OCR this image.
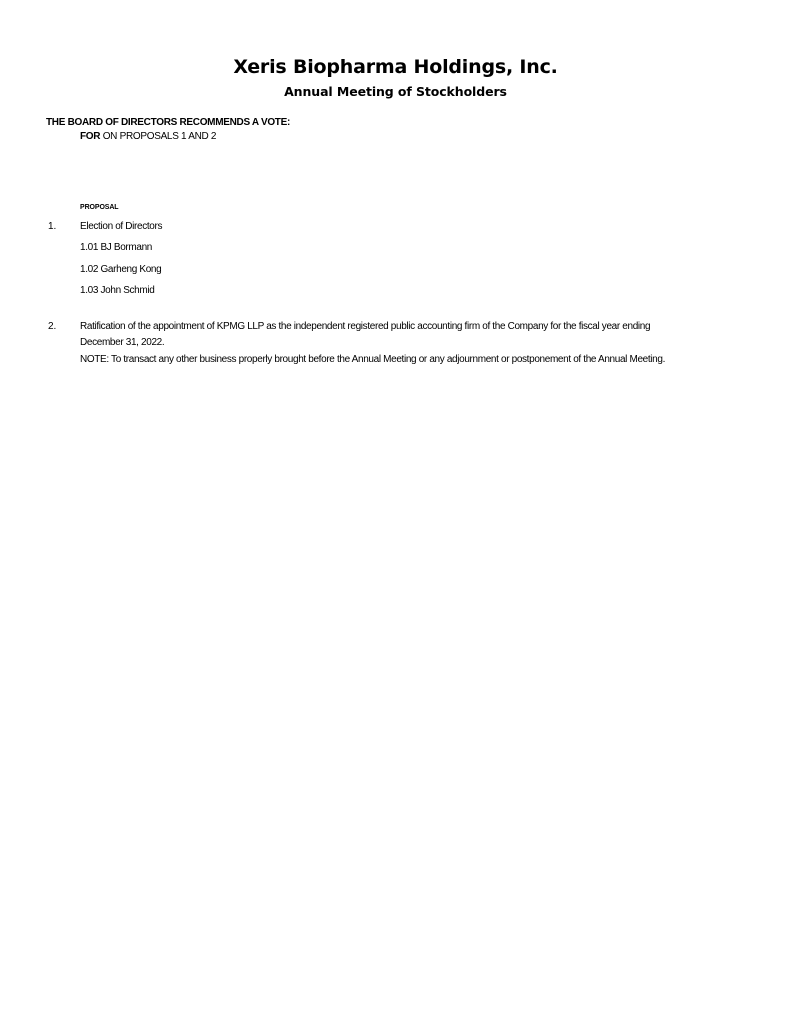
Xeris Biopharma Holdings, Inc.
Annual Meeting of Stockholders
THE BOARD OF DIRECTORS RECOMMENDS A VOTE:
FOR ON PROPOSALS 1 AND 2
PROPOSAL
1. Election of Directors
1.01 BJ Bormann
1.02 Garheng Kong
1.03 John Schmid
2. Ratification of the appointment of KPMG LLP as the independent registered public accounting firm of the Company for the fiscal year ending
December 31, 2022.
NOTE: To transact any other business properly brought before the Annual Meeting or any adjournment or postponement of the Annual Meeting.
